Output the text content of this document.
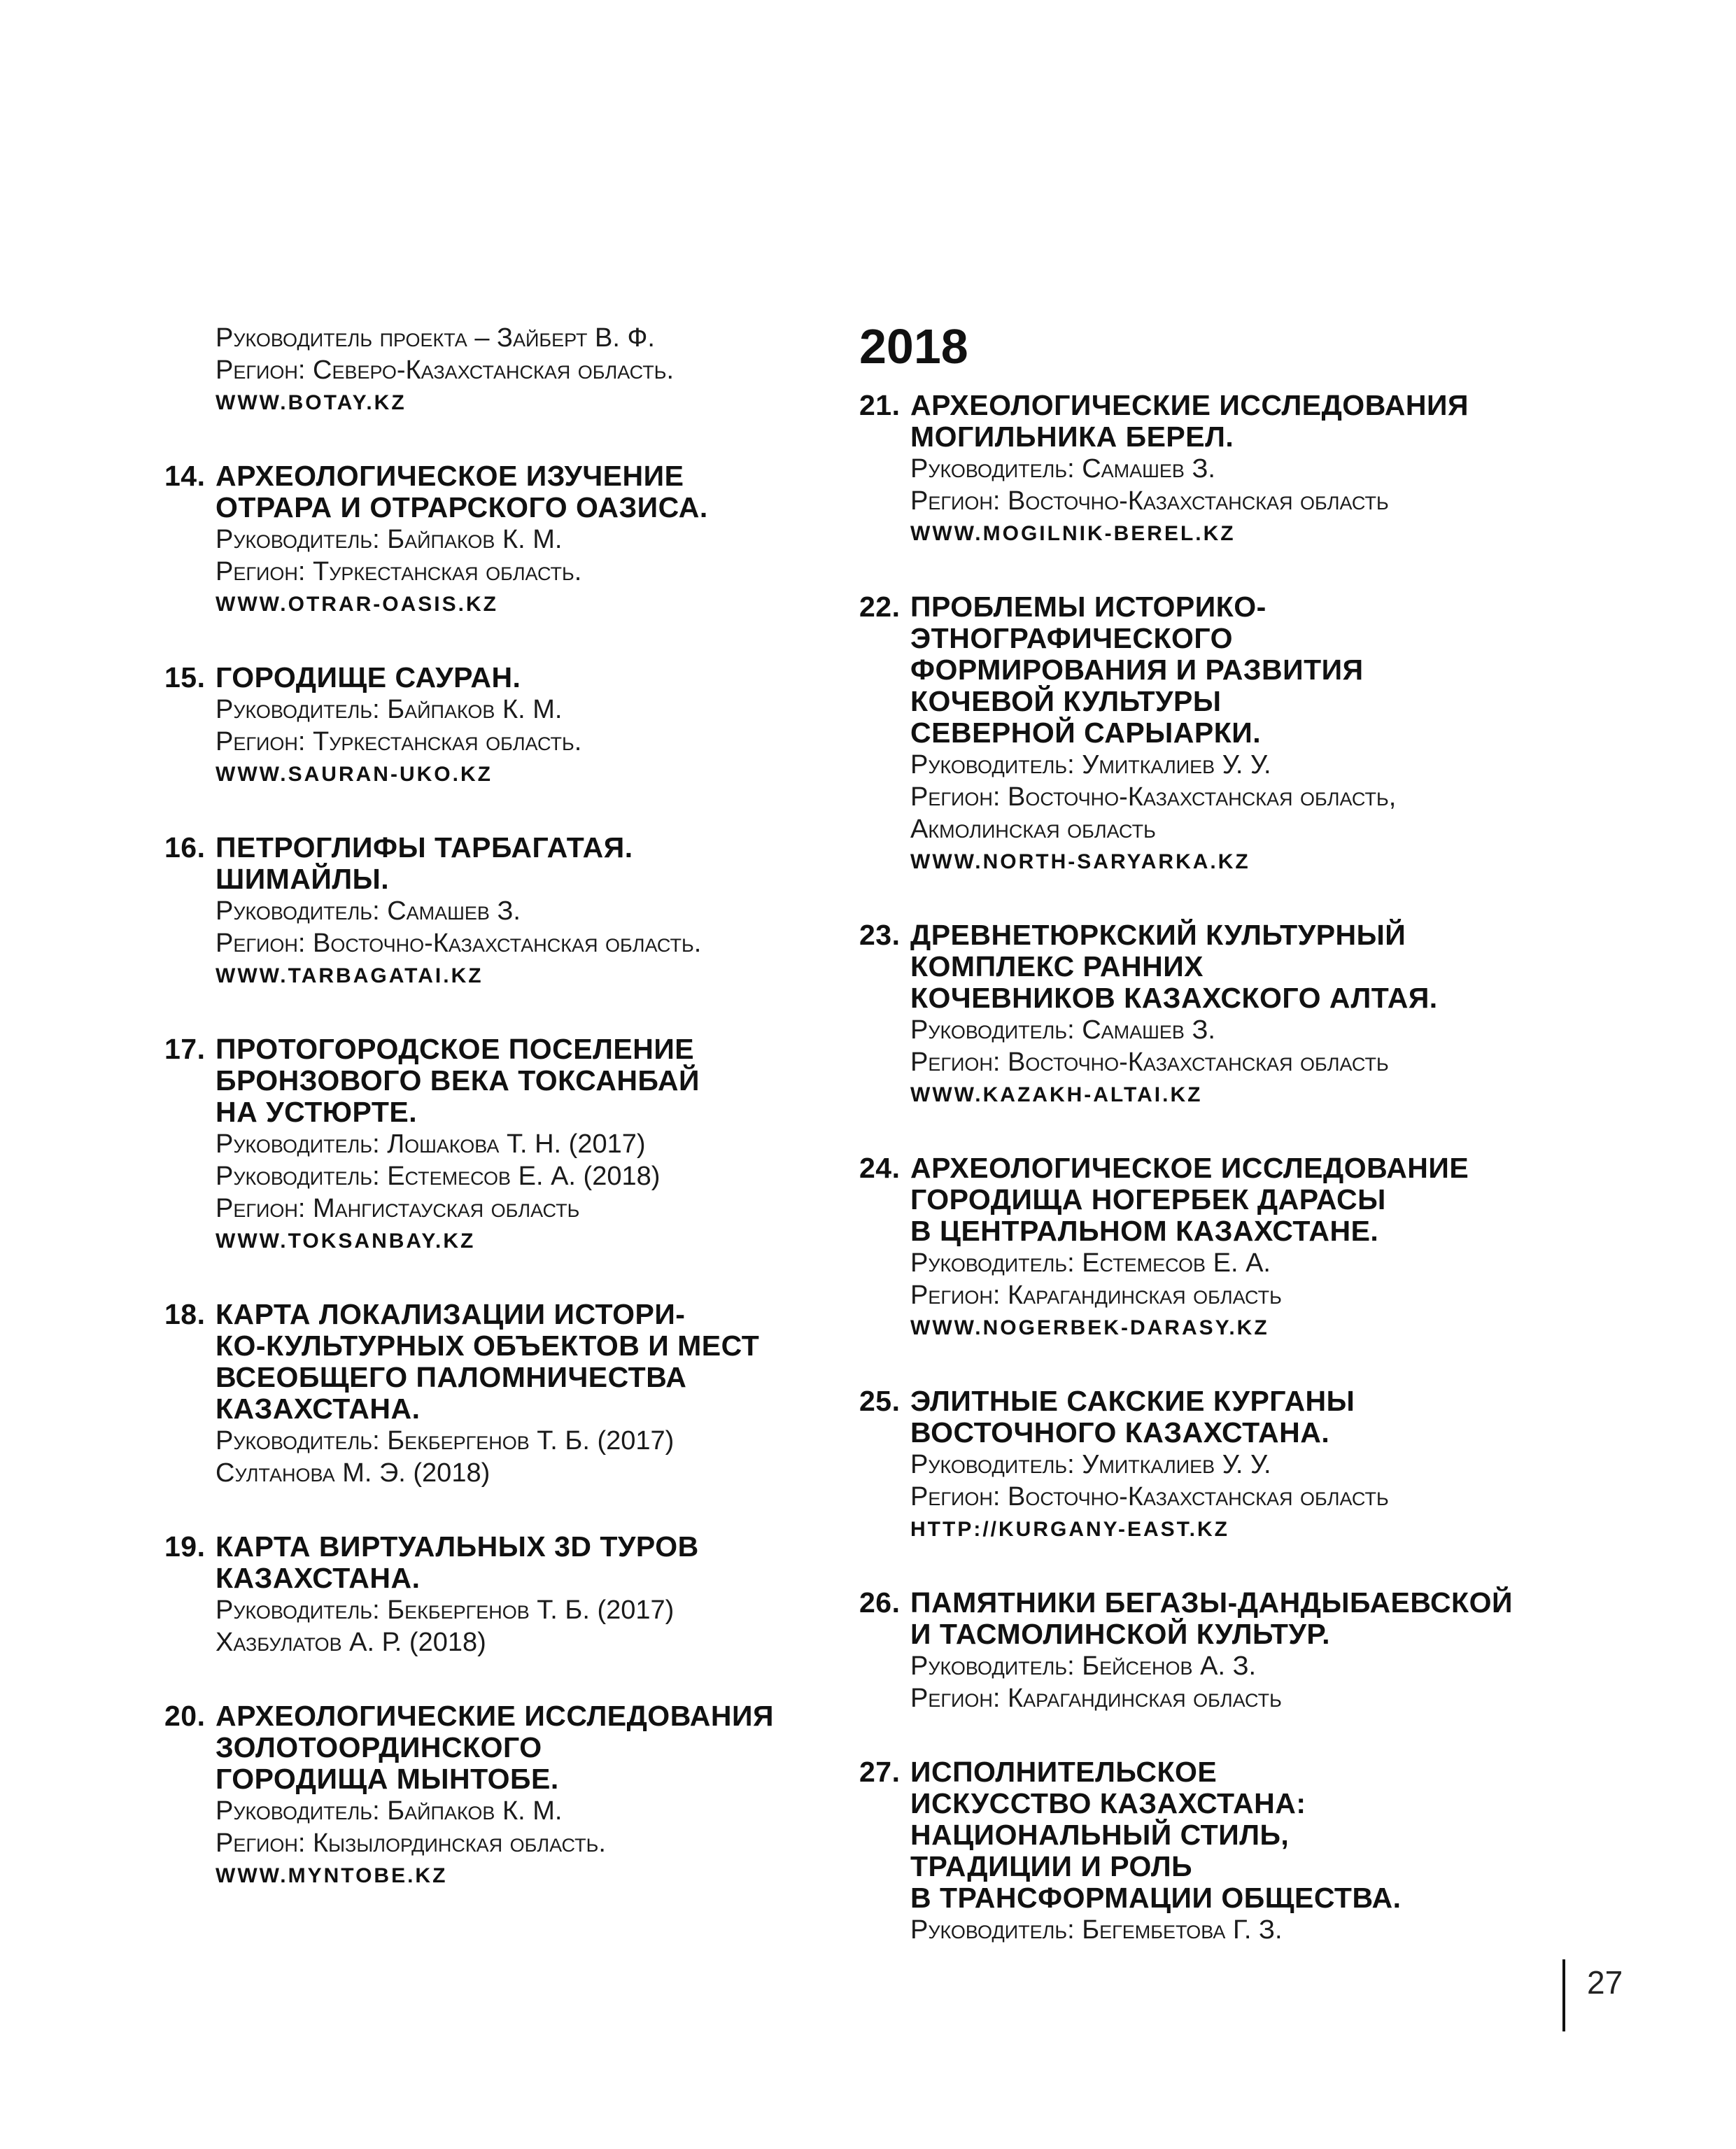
Руководитель проекта – Зайберт В. Ф.
Регион: Северо-Казахстанская область.
WWW.BOTAY.KZ
14. АРХЕОЛОГИЧЕСКОЕ ИЗУЧЕНИЕ
ОТРАРА И ОТРАРСКОГО ОАЗИСА.
Руководитель: Байпаков К. М.
Регион: Туркестанская область.
WWW.OTRAR-OASIS.KZ
15. ГОРОДИЩЕ САУРАН.
Руководитель: Байпаков К. М.
Регион: Туркестанская область.
WWW.SAURAN-UKO.KZ
16. ПЕТРОГЛИФЫ ТАРБАГАТАЯ.
ШИМАЙЛЫ.
Руководитель: Самашев З.
Регион: Восточно-Казахстанская область.
WWW.TARBAGATAI.KZ
17. ПРОТОГОРОДСКОЕ ПОСЕЛЕНИЕ
БРОНЗОВОГО ВЕКА ТОКСАНБАЙ
НА УСТЮРТЕ.
Руководитель: Лошакова Т. Н. (2017)
Руководитель: Естемесов Е. А. (2018)
Регион: Мангистауская область
WWW.TOKSANBAY.KZ
18. КАРТА ЛОКАЛИЗАЦИИ ИСТОРИ-
КО-КУЛЬТУРНЫХ ОБЪЕКТОВ И МЕСТ
ВСЕОБЩЕГО ПАЛОМНИЧЕСТВА
КАЗАХСТАНА.
Руководитель: Бекбергенов Т. Б. (2017)
Султанова М. Э. (2018)
19. КАРТА ВИРТУАЛЬНЫХ 3D ТУРОВ
КАЗАХСТАНА.
Руководитель: Бекбергенов Т. Б. (2017)
Хазбулатов А. Р. (2018)
20. АРХЕОЛОГИЧЕСКИЕ ИССЛЕДОВАНИЯ
ЗОЛОТООРДИНСКОГО
ГОРОДИЩА МЫНТОБЕ.
Руководитель: Байпаков К. М.
Регион: Кызылординская область.
WWW.MYNTOBE.KZ
2018
21. АРХЕОЛОГИЧЕСКИЕ ИССЛЕДОВАНИЯ
МОГИЛЬНИКА БЕРЕЛ.
Руководитель: Самашев З.
Регион: Восточно-Казахстанская область
WWW.MOGILNIK-BEREL.KZ
22. ПРОБЛЕМЫ ИСТОРИКО-
ЭТНОГРАФИЧЕСКОГО
ФОРМИРОВАНИЯ И РАЗВИТИЯ
КОЧЕВОЙ КУЛЬТУРЫ
СЕВЕРНОЙ САРЫАРКИ.
Руководитель: Умиткалиев У. У.
Регион: Восточно-Казахстанская область,
Акмолинская область
WWW.NORTH-SARYARKA.KZ
23. ДРЕВНЕТЮРКСКИЙ КУЛЬТУРНЫЙ
КОМПЛЕКС РАННИХ
КОЧЕВНИКОВ КАЗАХСКОГО АЛТАЯ.
Руководитель: Самашев З.
Регион: Восточно-Казахстанская область
WWW.KAZAKH-ALTAI.KZ
24. АРХЕОЛОГИЧЕСКОЕ ИССЛЕДОВАНИЕ
ГОРОДИЩА НОГЕРБЕК ДАРАСЫ
В ЦЕНТРАЛЬНОМ КАЗАХСТАНЕ.
Руководитель: Естемесов Е. А.
Регион: Карагандинская область
WWW.NOGERBEK-DARASY.KZ
25. ЭЛИТНЫЕ САКСКИЕ КУРГАНЫ
ВОСТОЧНОГО КАЗАХСТАНА.
Руководитель: Умиткалиев У. У.
Регион: Восточно-Казахстанская область
HTTP://KURGANY-EAST.KZ
26. ПАМЯТНИКИ БЕГАЗЫ-ДАНДЫБАЕВСКОЙ
И ТАСМОЛИНСКОЙ КУЛЬТУР.
Руководитель: Бейсенов А. З.
Регион: Карагандинская область
27. ИСПОЛНИТЕЛЬСКОЕ
ИСКУССТВО КАЗАХСТАНА:
НАЦИОНАЛЬНЫЙ СТИЛЬ,
ТРАДИЦИИ И РОЛЬ
В ТРАНСФОРМАЦИИ ОБЩЕСТВА.
Руководитель: Бегембетова Г. З.
27
